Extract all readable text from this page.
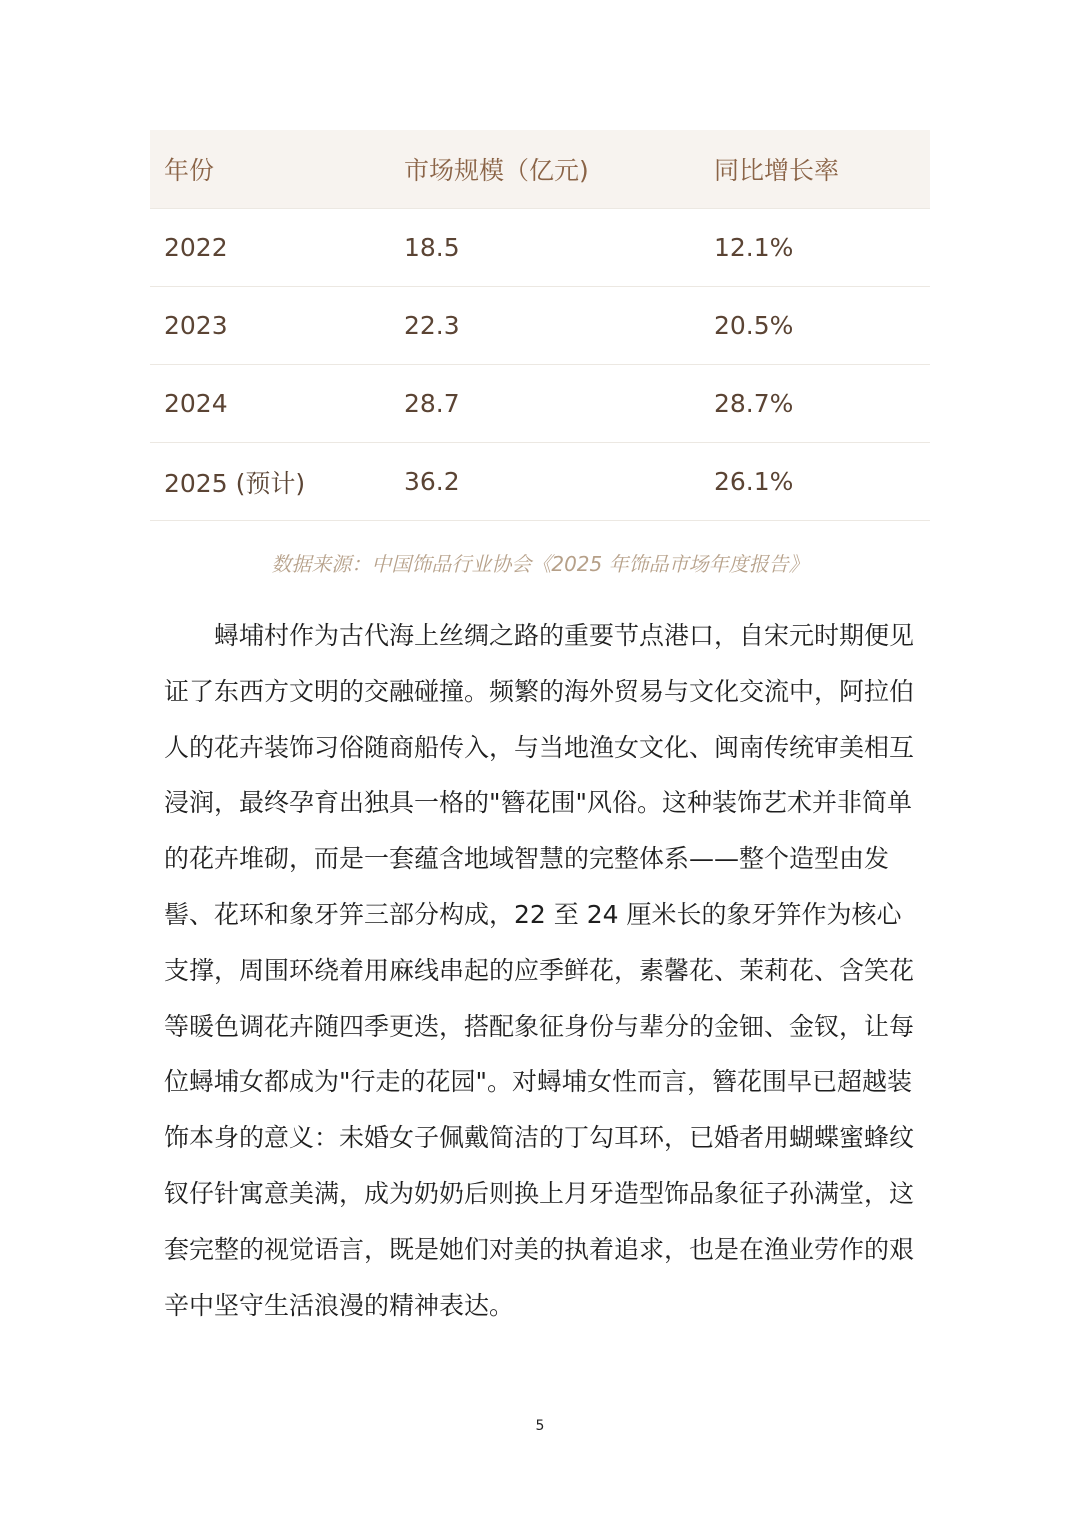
年份	市场规模（亿元)	同比增长率
2022	18.5	12.1%
2023	22.3	20.5%
2024	28.7	28.7%
2025 (预计)	36.2	26.1%
数据来源：中国饰品行业协会《2025 年饰品市场年度报告》

蟳埔村作为古代海上丝绸之路的重要节点港口，自宋元时期便见证了东西方文明的交融碰撞。频繁的海外贸易与文化交流中，阿拉伯人的花卉装饰习俗随商船传入，与当地渔女文化、闽南传统审美相互浸润，最终孕育出独具一格的"簪花围"风俗。这种装饰艺术并非简单的花卉堆砌，而是一套蕴含地域智慧的完整体系——整个造型由发髻、花环和象牙笄三部分构成，22 至 24 厘米长的象牙笄作为核心支撑，周围环绕着用麻线串起的应季鲜花，素馨花、茉莉花、含笑花等暖色调花卉随四季更迭，搭配象征身份与辈分的金钿、金钗，让每位蟳埔女都成为"行走的花园"。对蟳埔女性而言，簪花围早已超越装饰本身的意义：未婚女子佩戴简洁的丁勾耳环，已婚者用蝴蝶蜜蜂纹钗仔针寓意美满，成为奶奶后则换上月牙造型饰品象征子孙满堂，这套完整的视觉语言，既是她们对美的执着追求，也是在渔业劳作的艰辛中坚守生活浪漫的精神表达。

5
